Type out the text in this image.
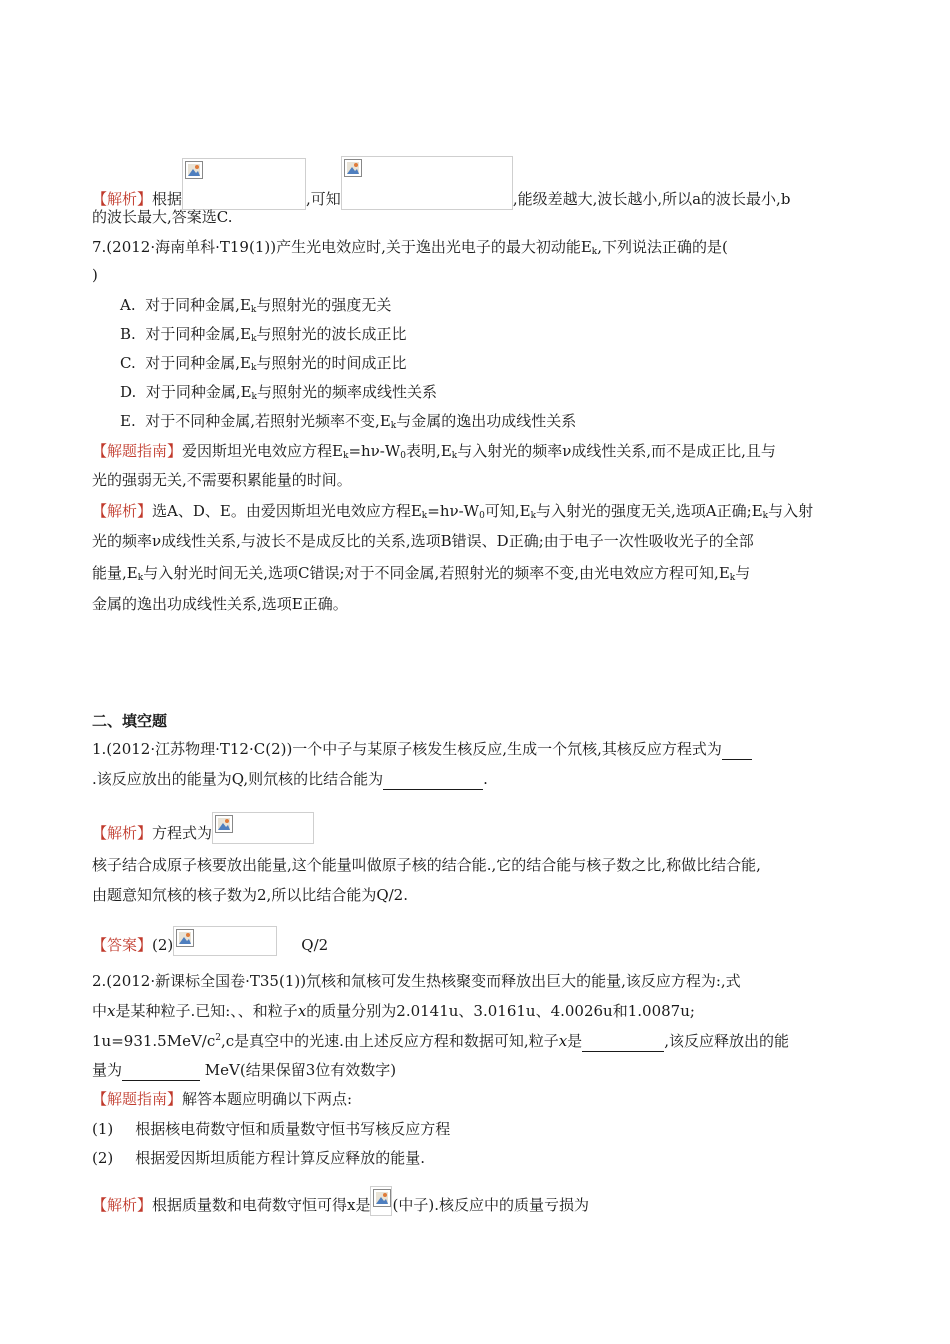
【解析】根据	,可知	,能级差越大,波长越小,所以a的波长最小,b
的波长最大,答案选C.
7.(2012·海南单科·T19(1))产生光电效应时,关于逸出光电子的最大初动能$E_k$,下列说法正确的是(
)
A. 对于同种金属$,E_k$与照射光的强度无关
B. 对于同种金属$,E_k$与照射光的波长成正比
C. 对于同种金属$,E_k$与照射光的时间成正比
D. 对于同种金属$,E_k$与照射光的频率成线性关系
E. 对于不同种金属,若照射光频率不变$,E_k$与金属的逸出功成线性关系
【解题指南】爱因斯坦光电效应方程$E_k=h\nu-W_0$表明$,E_k$与入射光的频率ν成线性关系,而不是成正比,且与
光的强弱无关,不需要积累能量的时间。
【解析】选A、D、E。由爱因斯坦光电效应方程$E_k=h\nu-W_0$可知$,E_k$与入射光的强度无关,选项A正确$;E_k$与入射
光的频率ν成线性关系,与波长不是成反比的关系,选项B错误、D正确;由于电子一次性吸收光子的全部
能量$,E_k$与入射光时间无关,选项C错误;对于不同金属,若照射光的频率不变,由光电效应方程可知$,E_k$与
金属的逸出功成线性关系,选项E正确。
二、填空题
1.(2012·江苏物理·T12·C(2))一个中子与某原子核发生核反应,生成一个氘核,其核反应方程式为
.该反应放出的能量为Q,则氘核的比结合能为	.
【解析】方程式为
核子结合成原子核要放出能量,这个能量叫做原子核的结合能.,它的结合能与核子数之比,称做比结合能,
由题意知氘核的核子数为2,所以比结合能为Q/2.
【答案】(2)	Q/2
2.(2012·新课标全国卷·T35(1))氘核和氚核可发生热核聚变而释放出巨大的能量,该反应方程为:,式
中x是某种粒子.已知:、、和粒子x的质量分别为2.0141u、3.0161u、4.0026u和1.0087u;
$1u=931.5MeV/c^2,c$是真空中的光速.由上述反应方程和数据可知,粒子x是	,该反应释放出的能
量为	MeV(结果保留3位有效数字)
【解题指南】解答本题应明确以下两点:
(1) 根据核电荷数守恒和质量数守恒书写核反应方程
(2) 根据爱因斯坦质能方程计算反应释放的能量.
【解析】根据质量数和电荷数守恒可得x是 (中子).核反应中的质量亏损为
